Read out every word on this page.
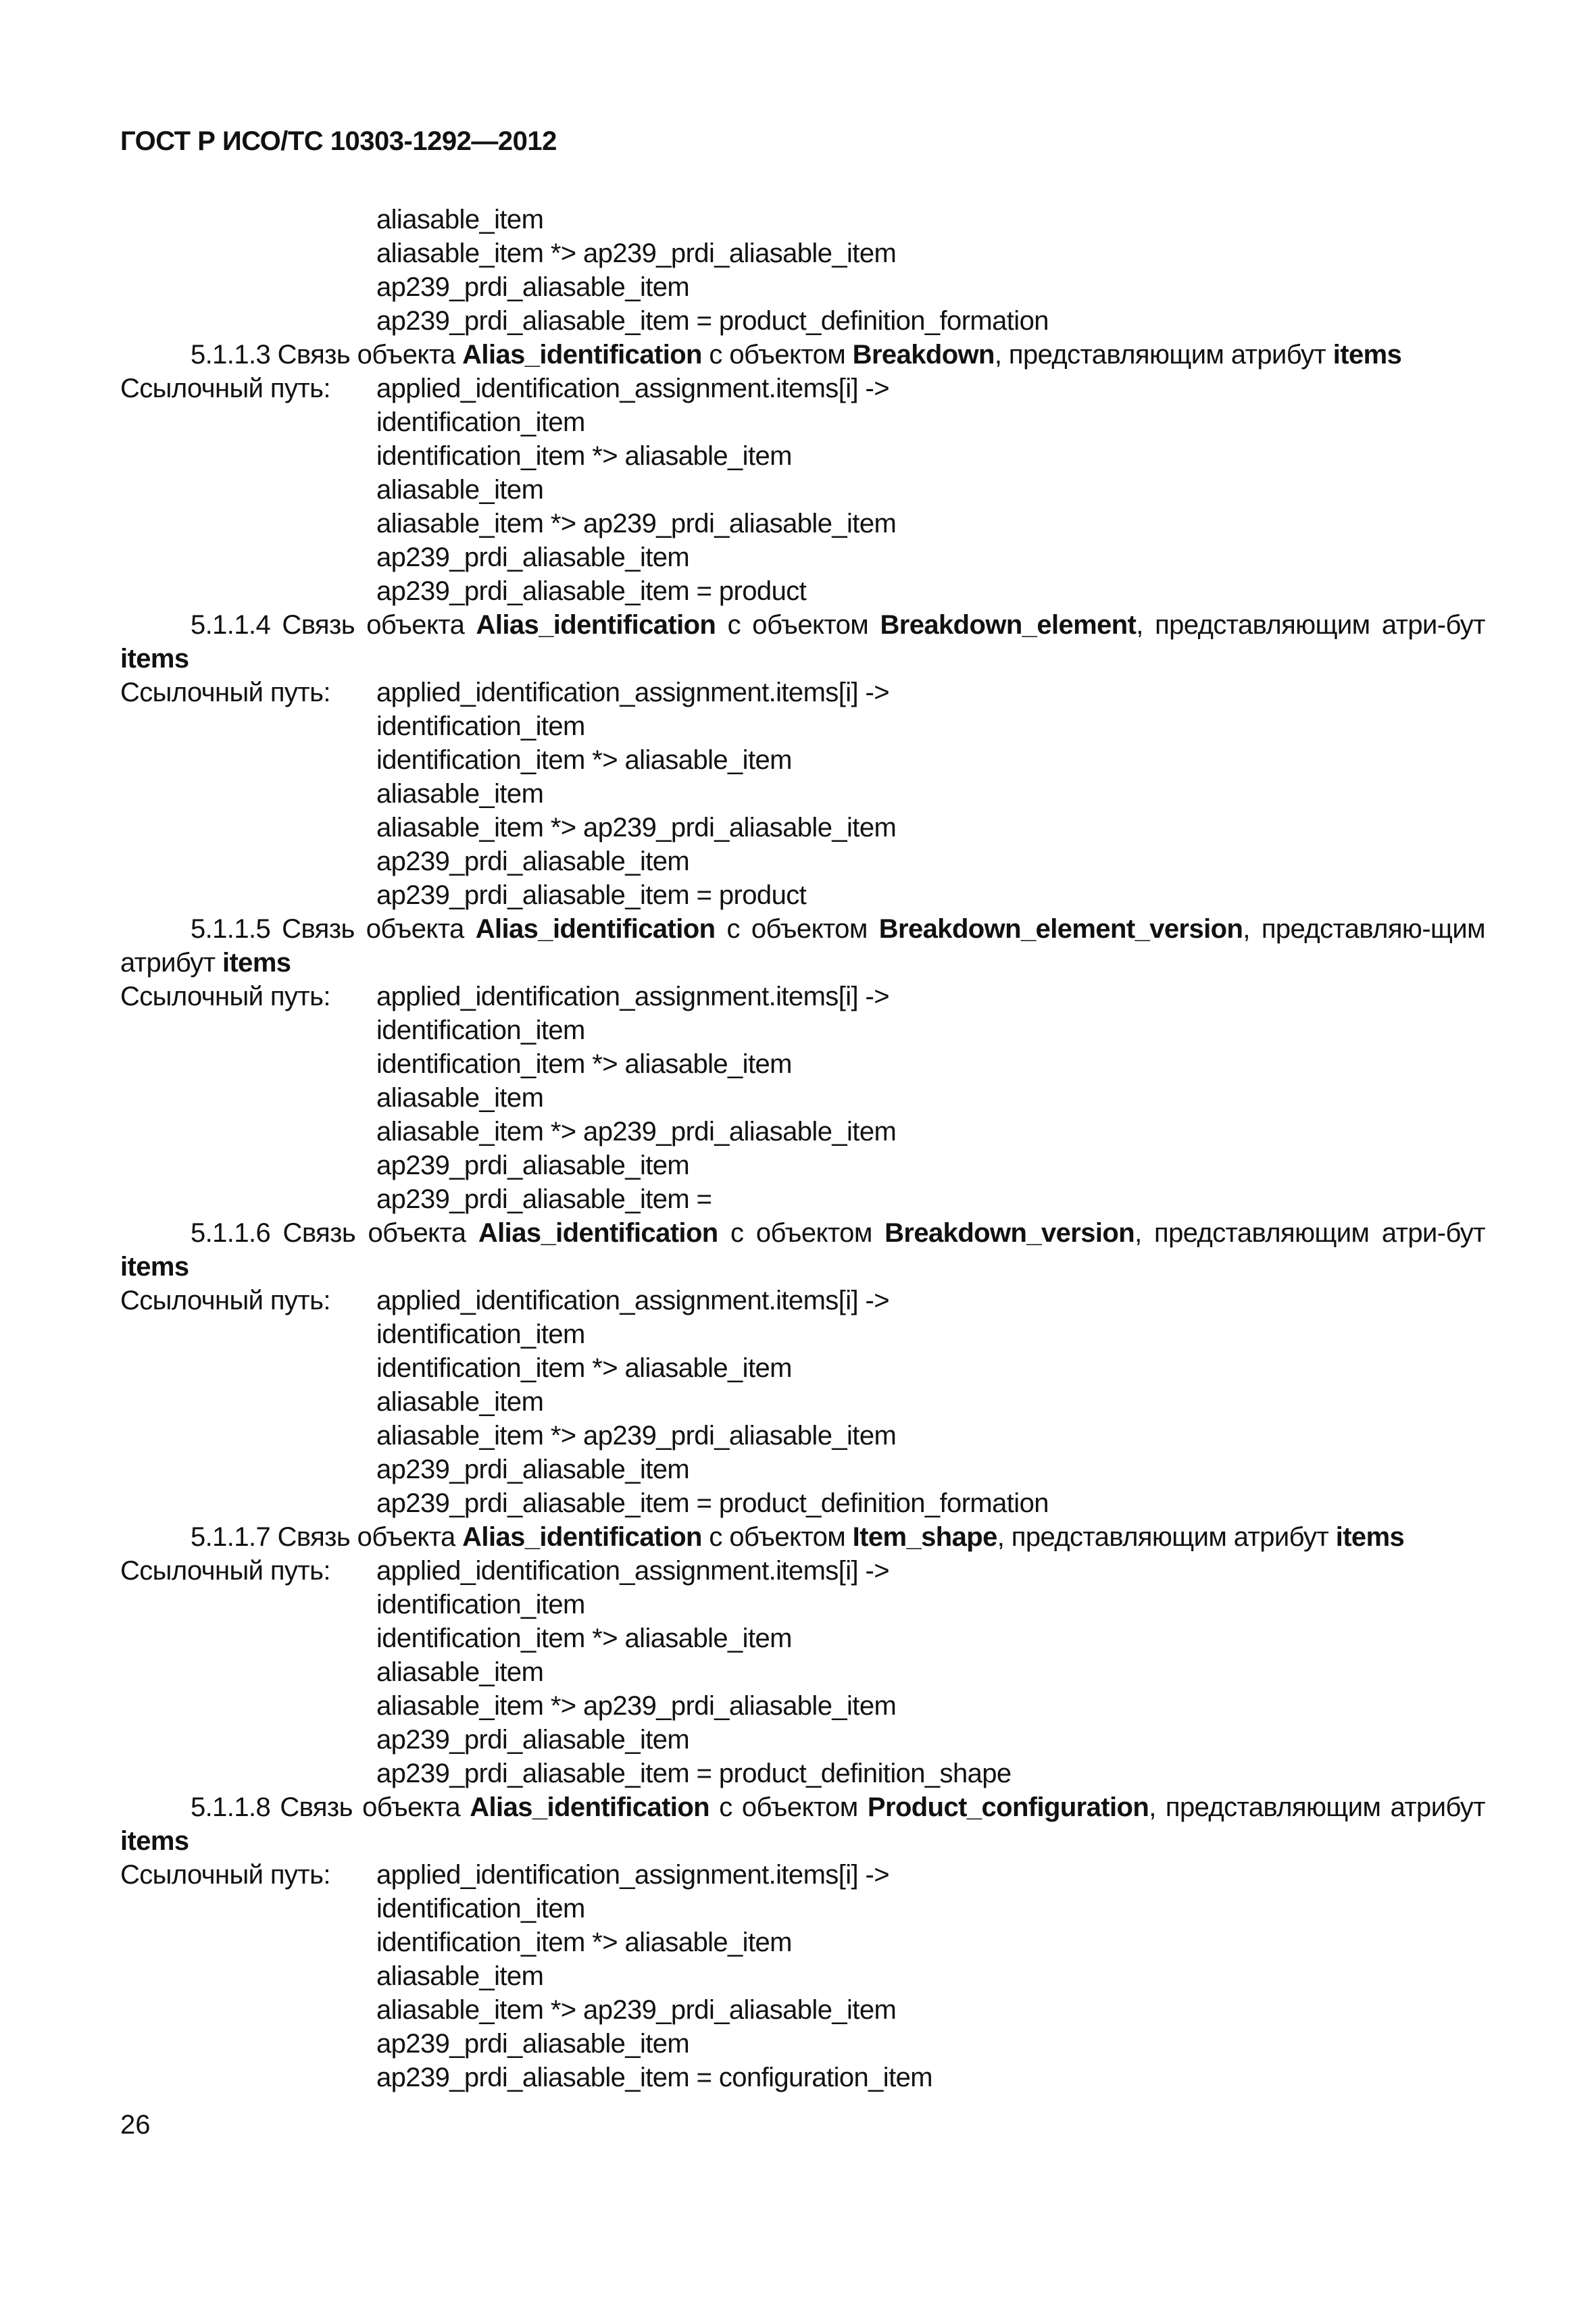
ГОСТ Р ИСО/ТС 10303-1292—2012
aliasable_item
aliasable_item *> ap239_prdi_aliasable_item
ap239_prdi_aliasable_item
ap239_prdi_aliasable_item = product_definition_formation
5.1.1.3 Связь объекта Alias_identification с объектом Breakdown, представляющим атрибут items
Ссылочный путь: applied_identification_assignment.items[i] ->
identification_item
identification_item *> aliasable_item
aliasable_item
aliasable_item *> ap239_prdi_aliasable_item
ap239_prdi_aliasable_item
ap239_prdi_aliasable_item = product
5.1.1.4 Связь объекта Alias_identification с объектом Breakdown_element, представляющим атри-бут items
Ссылочный путь: applied_identification_assignment.items[i] ->
identification_item
identification_item *> aliasable_item
aliasable_item
aliasable_item *> ap239_prdi_aliasable_item
ap239_prdi_aliasable_item
ap239_prdi_aliasable_item = product
5.1.1.5 Связь объекта Alias_identification с объектом Breakdown_element_version, представляю-щим атрибут items
Ссылочный путь: applied_identification_assignment.items[i] ->
identification_item
identification_item *> aliasable_item
aliasable_item
aliasable_item *> ap239_prdi_aliasable_item
ap239_prdi_aliasable_item
ap239_prdi_aliasable_item =
5.1.1.6 Связь объекта Alias_identification с объектом Breakdown_version, представляющим атри-бут items
Ссылочный путь: applied_identification_assignment.items[i] ->
identification_item
identification_item *> aliasable_item
aliasable_item
aliasable_item *> ap239_prdi_aliasable_item
ap239_prdi_aliasable_item
ap239_prdi_aliasable_item = product_definition_formation
5.1.1.7 Связь объекта Alias_identification с объектом Item_shape, представляющим атрибут items
Ссылочный путь: applied_identification_assignment.items[i] ->
identification_item
identification_item *> aliasable_item
aliasable_item
aliasable_item *> ap239_prdi_aliasable_item
ap239_prdi_aliasable_item
ap239_prdi_aliasable_item = product_definition_shape
5.1.1.8 Связь объекта Alias_identification с объектом Product_configuration, представляющим атрибут items
Ссылочный путь: applied_identification_assignment.items[i] ->
identification_item
identification_item *> aliasable_item
aliasable_item
aliasable_item *> ap239_prdi_aliasable_item
ap239_prdi_aliasable_item
ap239_prdi_aliasable_item = configuration_item
26
